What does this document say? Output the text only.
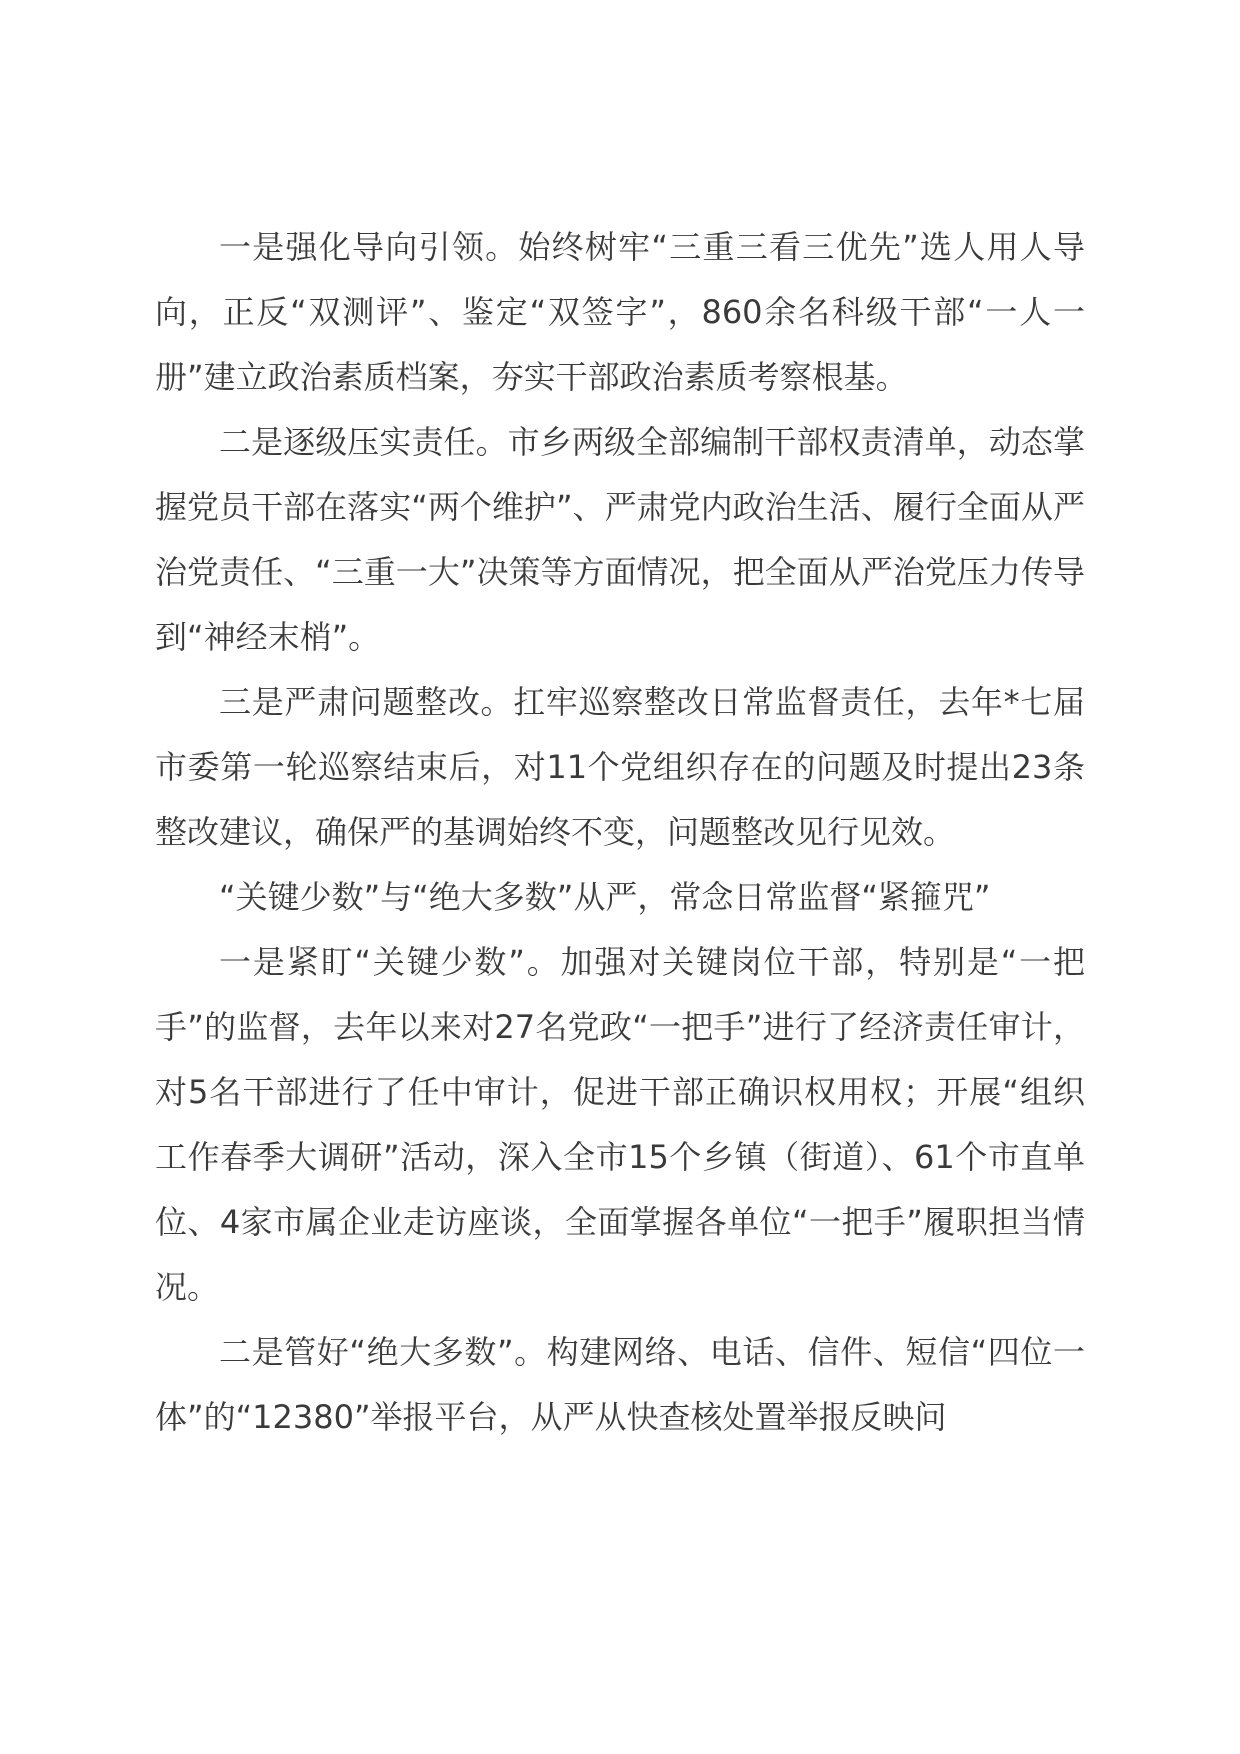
一是强化导向引领。始终树牢“三重三看三优先”选人用人导向，正反“双测评”、鉴定“双签字”，860余名科级干部“一人一册”建立政治素质档案，夯实干部政治素质考察根基。

二是逐级压实责任。市乡两级全部编制干部权责清单，动态掌握党员干部在落实“两个维护”、严肃党内政治生活、履行全面从严治党责任、“三重一大”决策等方面情况，把全面从严治党压力传导到“神经末梢”。

三是严肃问题整改。扛牢巡察整改日常监督责任，去年*七届市委第一轮巡察结束后，对11个党组织存在的问题及时提出23条整改建议，确保严的基调始终不变，问题整改见行见效。

“关键少数”与“绝大多数”从严，常念日常监督“紧箍咒”

一是紧盯“关键少数”。加强对关键岗位干部，特别是“一把手”的监督，去年以来对27名党政“一把手”进行了经济责任审计，对5名干部进行了任中审计，促进干部正确识权用权；开展“组织工作春季大调研”活动，深入全市15个乡镇（街道）、61个市直单位、4家市属企业走访座谈，全面掌握各单位“一把手”履职担当情况。

二是管好“绝大多数”。构建网络、电话、信件、短信“四位一体”的“12380”举报平台，从严从快查核处置举报反映问
